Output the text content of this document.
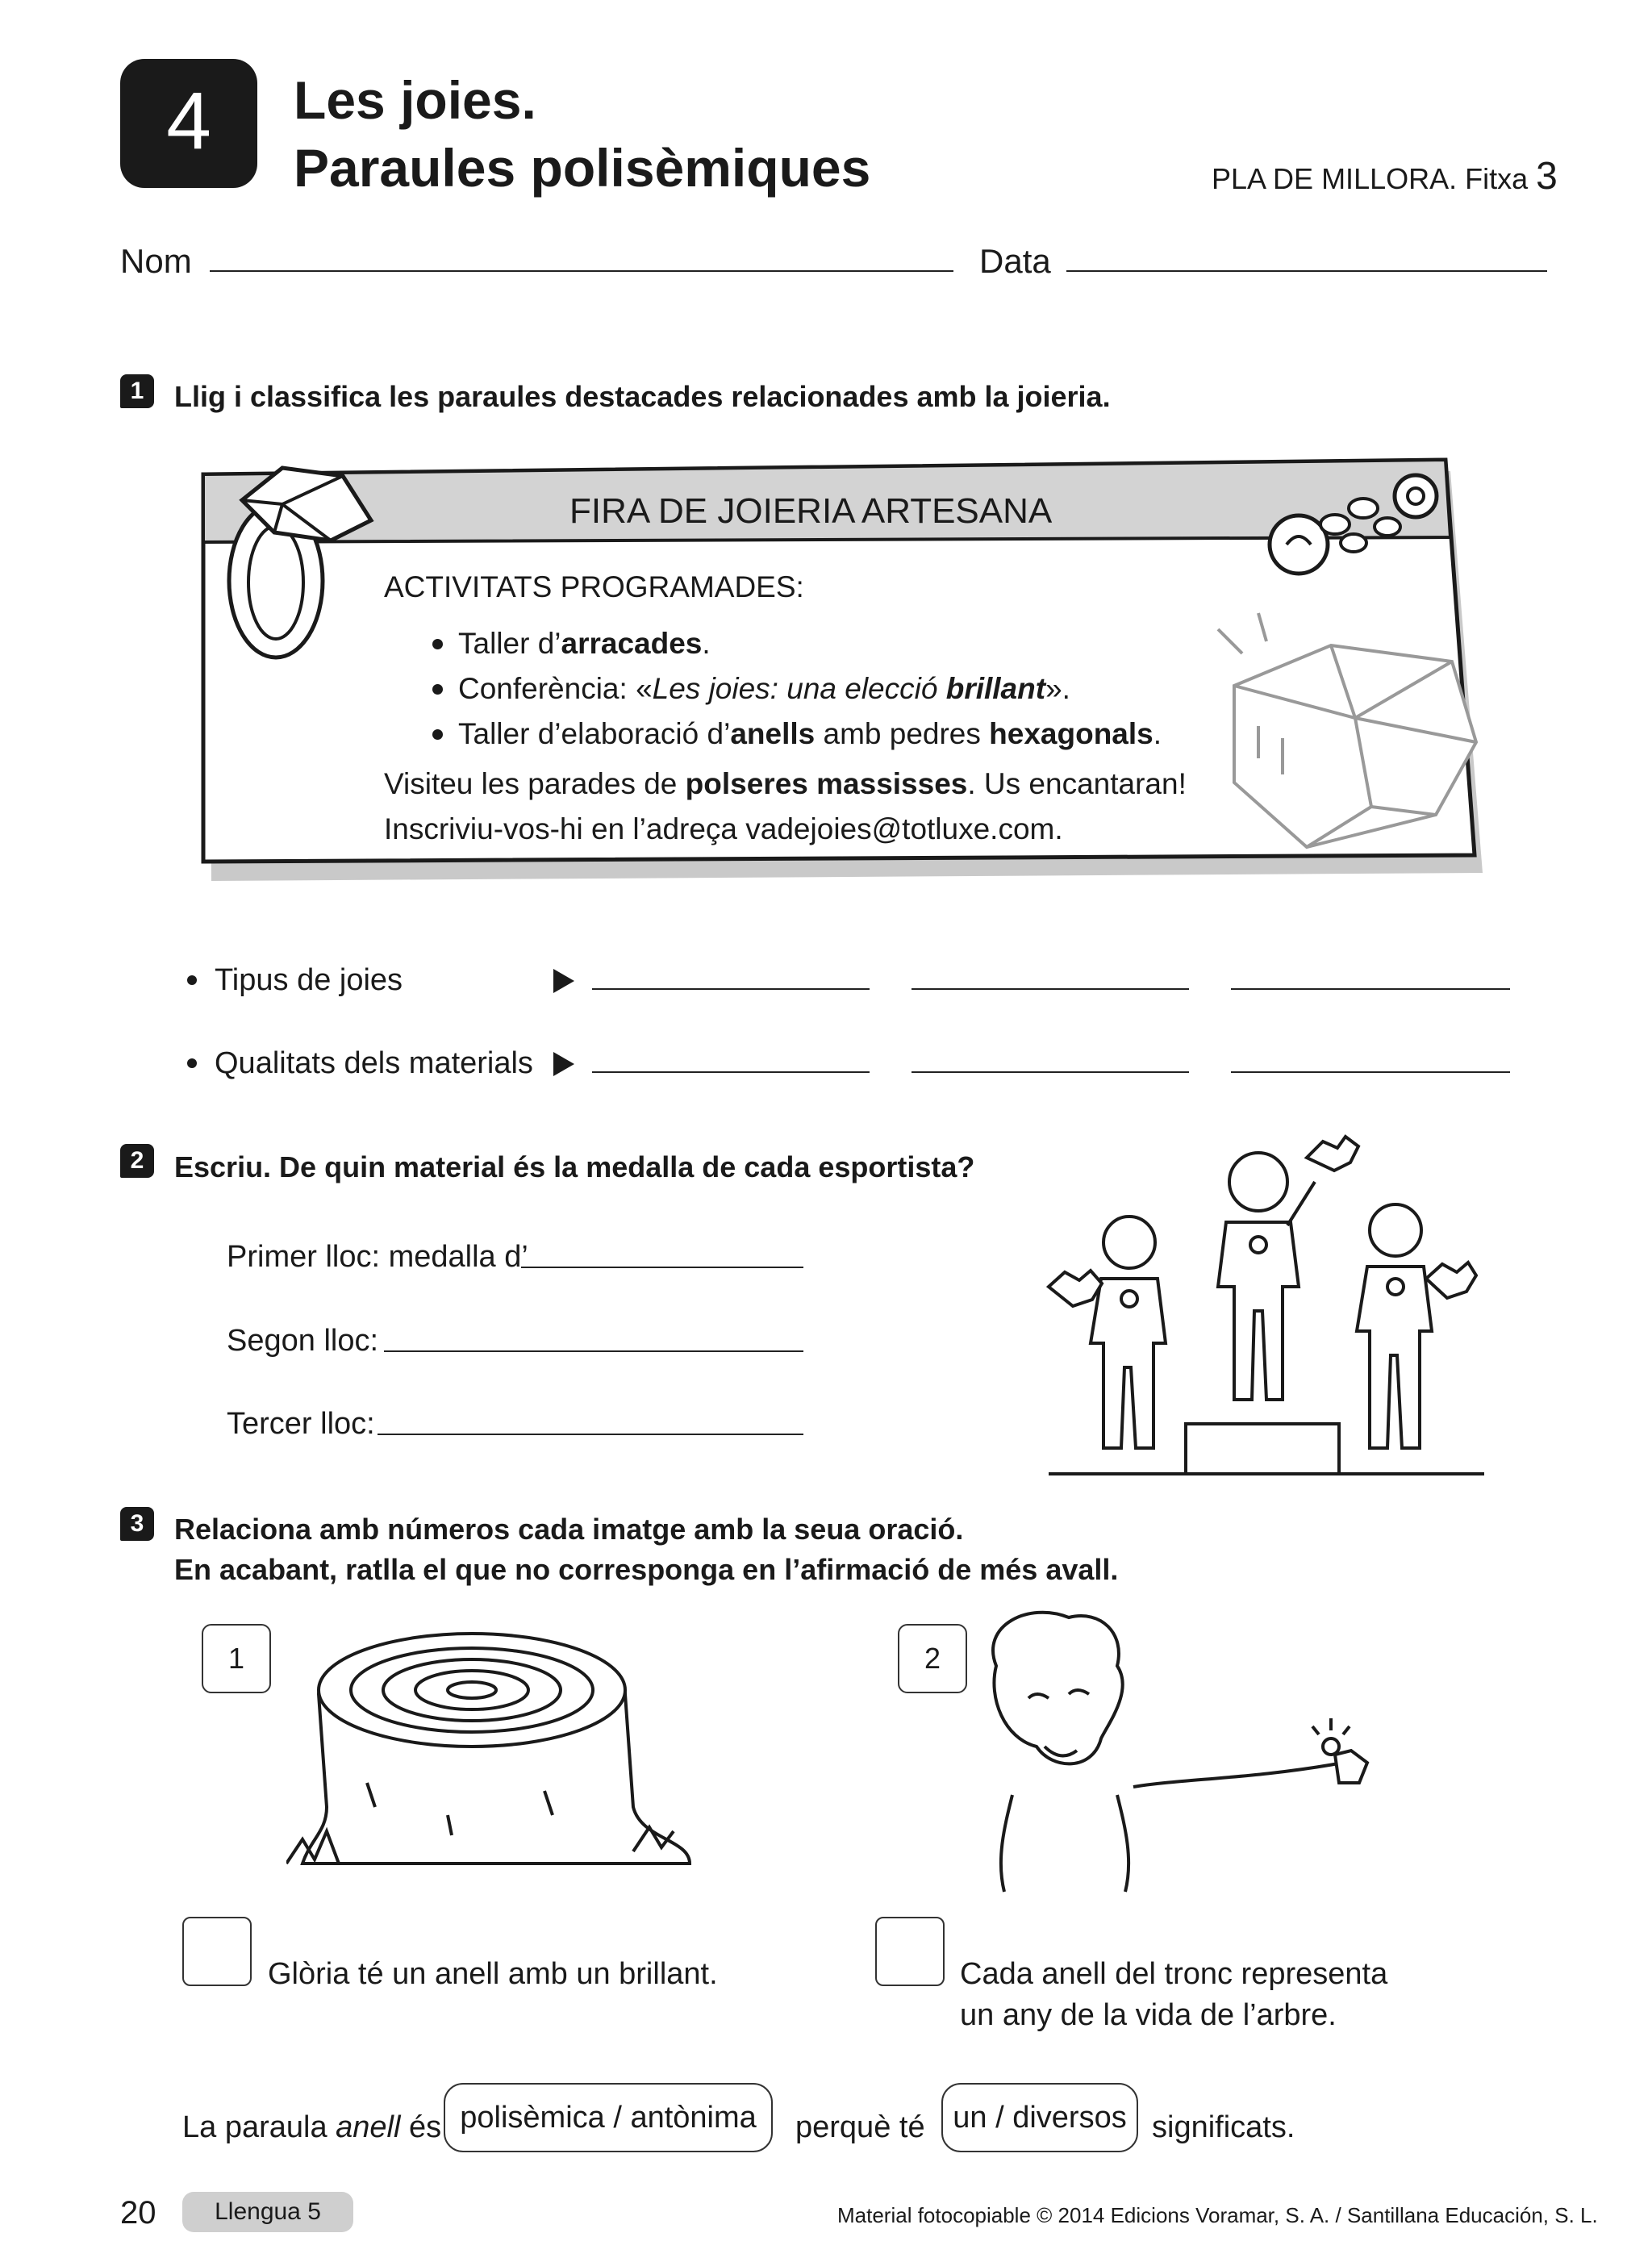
4 Les joies.
Paraules polisèmiques	PLA DE MILLORA. Fitxa 3
Nom	Data
1	Llig i classifica les paraules destacades relacionades amb la joieria.
FIRA DE JOIERIA ARTESANA
ACTIVITATS PROGRAMADES:
Taller d’arracades.
Conferència: «Les joies: una elecció brillant».
Taller d’elaboració d’anells amb pedres hexagonals.
Visiteu les parades de polseres massisses. Us encantaran!
Inscriviu-vos-hi en l’adreça vadejoies@totluxe.com.
Tipus de joies
Qualitats dels materials
2	Escriu. De quin material és la medalla de cada esportista?
Primer lloc: medalla d’
Segon lloc:
Tercer lloc:
3	Relaciona amb números cada imatge amb la seua oració.
En acabant, ratlla el que no corresponga en l’afirmació de més avall.
1	2
Glòria té un anell amb un brillant.	Cada anell del tronc representa
un any de la vida de l’arbre.
La paraula anell és polisèmica / antònima	perquè té un / diversos significats.
20	Llengua 5	Material fotocopiable © 2014 Edicions Voramar, S. A. / Santillana Educación, S. L.
